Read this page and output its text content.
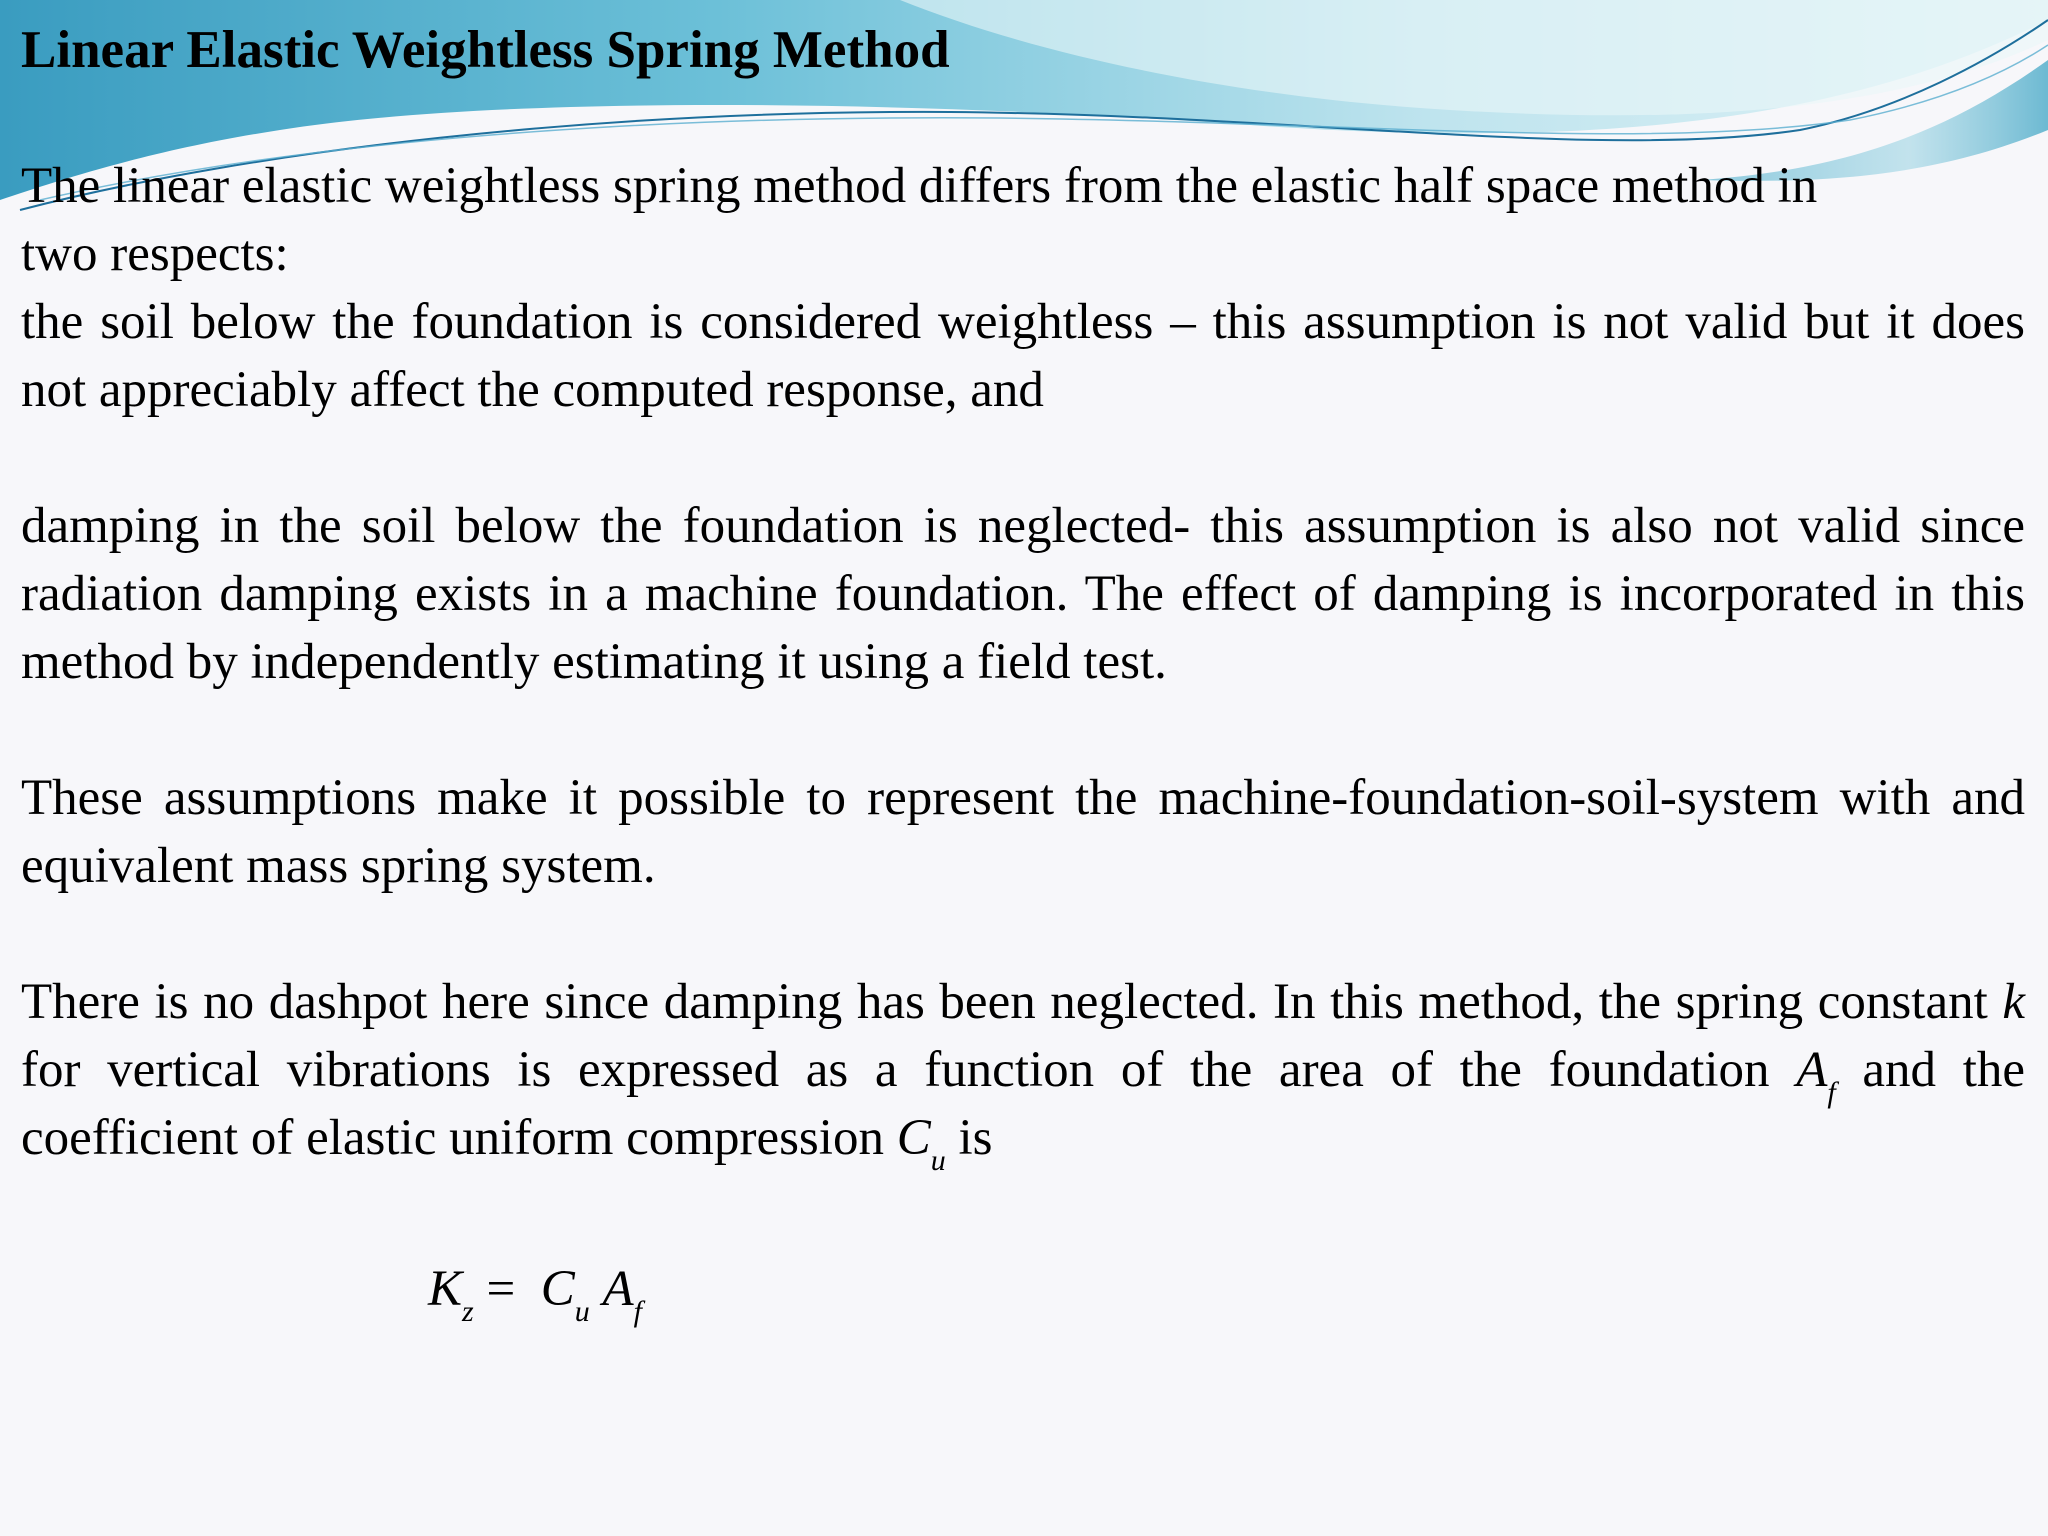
Linear Elastic Weightless Spring Method

The linear elastic weightless spring method differs from the elastic half space method in
two respects:

the soil below the foundation is considered weightless – this assumption is not valid but it does not appreciably affect the computed response, and

damping in the soil below the foundation is neglected- this assumption is also not valid since radiation damping exists in a machine foundation. The effect of damping is incorporated in this method by independently estimating it using a field test.

These assumptions make it possible to represent the machine-foundation-soil-system with and equivalent mass spring system.

There is no dashpot here since damping has been neglected. In this method, the spring constant k for vertical vibrations is expressed as a function of the area of the foundation $A_f$ and the coefficient of elastic uniform compression $C_u$ is

$K_z = C_u$ $A_f$
